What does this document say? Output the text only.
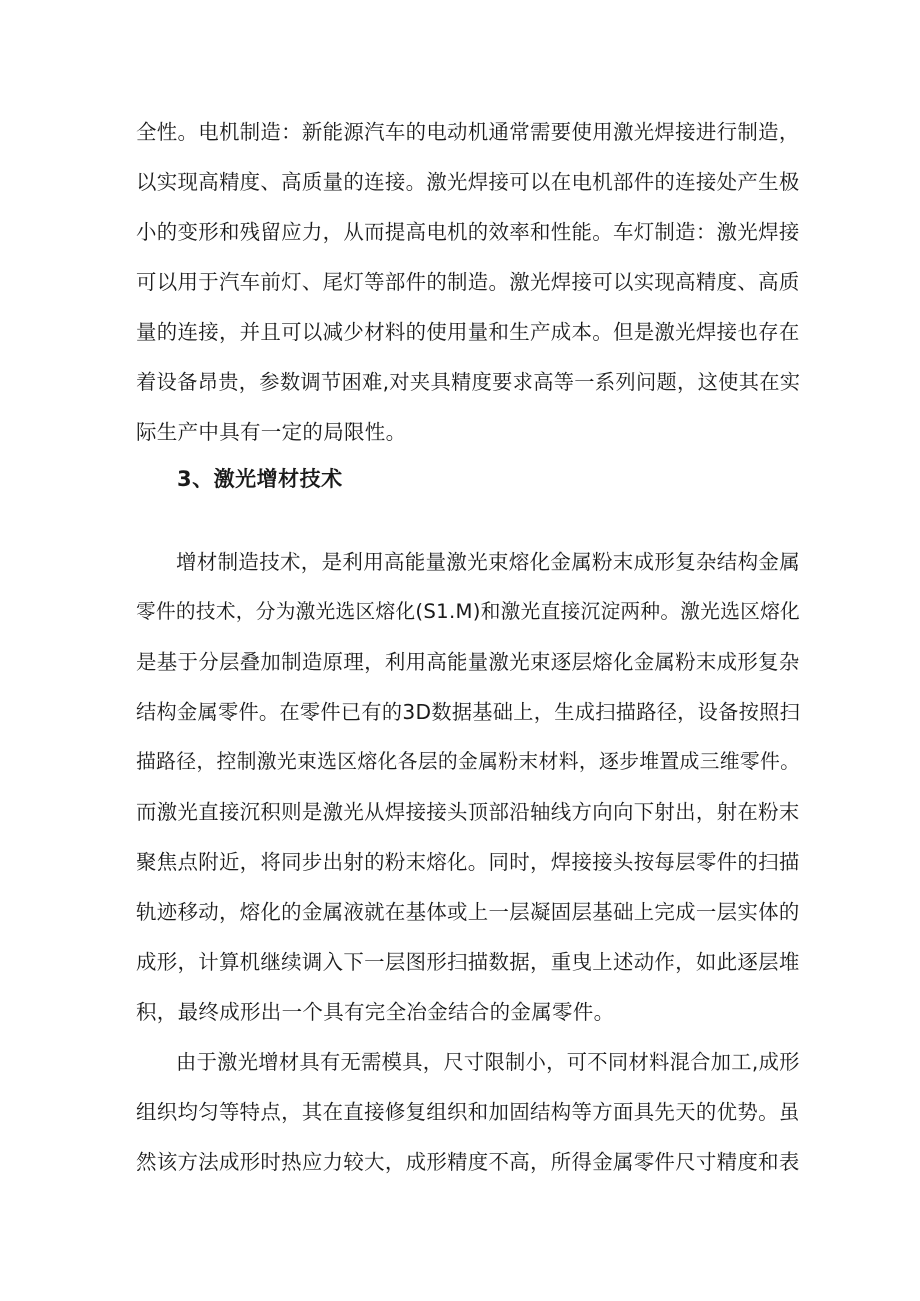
全性。电机制造：新能源汽车的电动机通常需要使用激光焊接进行制造，
以实现高精度、高质量的连接。激光焊接可以在电机部件的连接处产生极
小的变形和残留应力，从而提高电机的效率和性能。车灯制造：激光焊接
可以用于汽车前灯、尾灯等部件的制造。激光焊接可以实现高精度、高质
量的连接，并且可以减少材料的使用量和生产成本。但是激光焊接也存在
着设备昂贵，参数调节困难,对夹具精度要求高等一系列问题，这使其在实
际生产中具有一定的局限性。
3、激光增材技术
增材制造技术，是利用高能量激光束熔化金属粉末成形复杂结构金属
零件的技术，分为激光选区熔化(S1.M)和激光直接沉淀两种。激光选区熔化
是基于分层叠加制造原理，利用高能量激光束逐层熔化金属粉末成形复杂
结构金属零件。在零件已有的3D数据基础上，生成扫描路径，设备按照扫
描路径，控制激光束选区熔化各层的金属粉末材料，逐步堆置成三维零件。
而激光直接沉积则是激光从焊接接头顶部沿轴线方向向下射出，射在粉末
聚焦点附近，将同步出射的粉末熔化。同时，焊接接头按每层零件的扫描
轨迹移动，熔化的金属液就在基体或上一层凝固层基础上完成一层实体的
成形，计算机继续调入下一层图形扫描数据，重曳上述动作，如此逐层堆
积，最终成形出一个具有完全冶金结合的金属零件。
由于激光增材具有无需模具，尺寸限制小，可不同材料混合加工,成形
组织均匀等特点，其在直接修复组织和加固结构等方面具先天的优势。虽
然该方法成形时热应力较大，成形精度不高，所得金属零件尺寸精度和表
